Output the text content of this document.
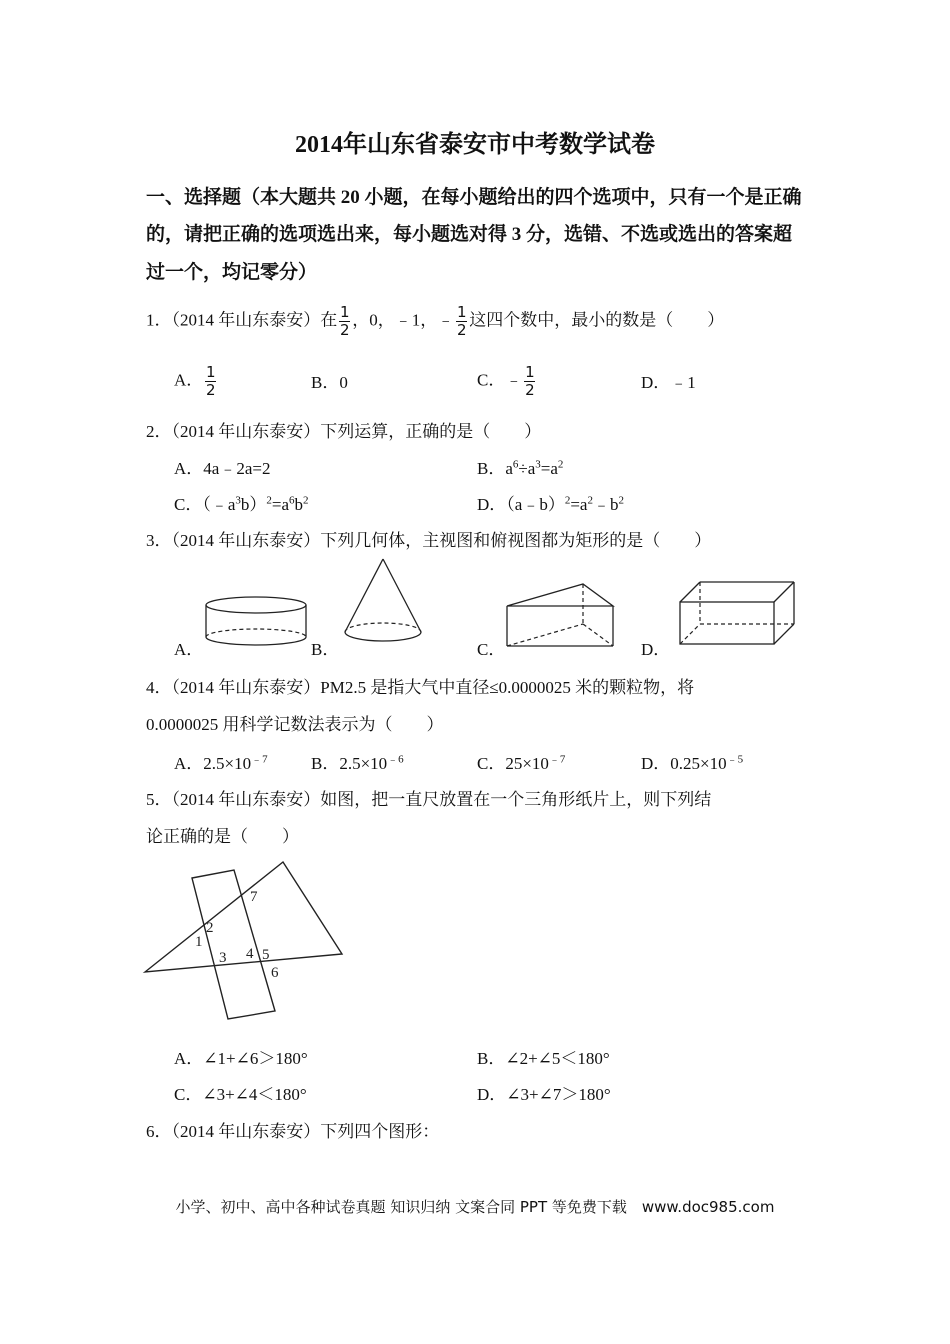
2014年山东省泰安市中考数学试卷
一、选择题（本大题共 20 小题，在每小题给出的四个选项中，只有一个是正确
的，请把正确的选项选出来，每小题选对得 3 分，选错、不选或选出的答案超
过一个，均记零分）
1．（2014 年山东泰安）在 $\frac{1}{2}$ ，0，﹣1，﹣ $\frac{1}{2}$ 这四个数中，最小的数是（　　）
A． $\frac{1}{2}$	B．0	C．﹣ $\frac{1}{2}$	D．﹣1
2．（2014 年山东泰安）下列运算，正确的是（　　）
A．4a﹣2a=2	B．$a^6\div a^3=a^2$
C．$(﹣a^3b)^2=a^6b^2$	D．$(a﹣b)^2=a^2﹣b^2$
3．（2014 年山东泰安）下列几何体，主视图和俯视图都为矩形的是（　　）
A．	B．	C．	D．
4．（2014 年山东泰安）PM2.5 是指大气中直径≤0.0000025 米的颗粒物，将
0.0000025 用科学记数法表示为（　　）
A．$2.5\times 10^{﹣7}$	B．$2.5\times 10^{﹣6}$	C．$25\times 10^{﹣7}$	D．$0.25\times 10^{﹣5}$
5．（2014 年山东泰安）如图，把一直尺放置在一个三角形纸片上，则下列结
论正确的是（　　）
1
2
3 4 5
6
7
A．∠1+∠6＞180°	B．∠2+∠5＜180°
C．∠3+∠4＜180°	D．∠3+∠7＞180°
6．（2014 年山东泰安）下列四个图形：
小学、初中、高中各种试卷真题 知识归纳 文案合同 PPT 等免费下载　www.doc985.com
